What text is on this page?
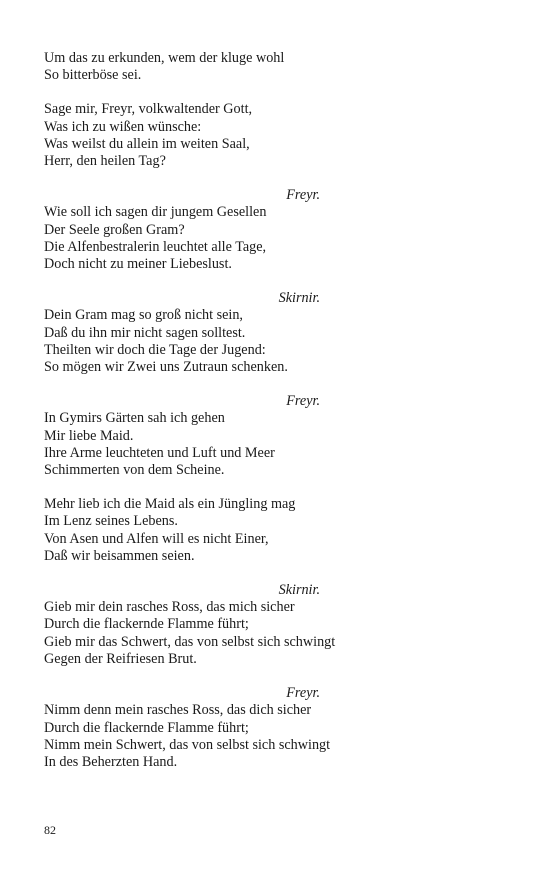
Um das zu erkunden, wem der kluge wohl
So bitterböse sei.
Sage mir, Freyr, volkwaltender Gott,
Was ich zu wißen wünsche:
Was weilst du allein im weiten Saal,
Herr, den heilen Tag?
Freyr.
Wie soll ich sagen dir jungem Gesellen
Der Seele großen Gram?
Die Alfenbestralerin leuchtet alle Tage,
Doch nicht zu meiner Liebeslust.
Skirnir.
Dein Gram mag so groß nicht sein,
Daß du ihn mir nicht sagen solltest.
Theilten wir doch die Tage der Jugend:
So mögen wir Zwei uns Zutraun schenken.
Freyr.
In Gymirs Gärten sah ich gehen
Mir liebe Maid.
Ihre Arme leuchteten und Luft und Meer
Schimmerten von dem Scheine.
Mehr lieb ich die Maid als ein Jüngling mag
Im Lenz seines Lebens.
Von Asen und Alfen will es nicht Einer,
Daß wir beisammen seien.
Skirnir.
Gieb mir dein rasches Ross, das mich sicher
Durch die flackernde Flamme führt;
Gieb mir das Schwert, das von selbst sich schwingt
Gegen der Reifriesen Brut.
Freyr.
Nimm denn mein rasches Ross, das dich sicher
Durch die flackernde Flamme führt;
Nimm mein Schwert, das von selbst sich schwingt
In des Beherzten Hand.
82
